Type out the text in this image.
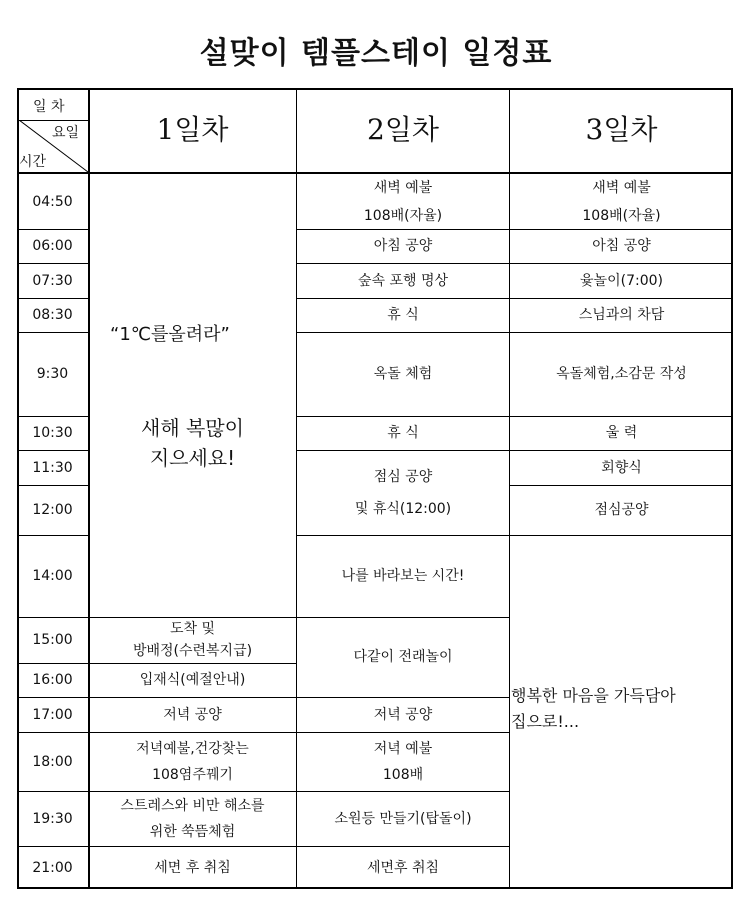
설맞이 템플스테이 일정표
일 차
요일
시간
1일차	2일차	3일차
04:50
06:00
07:30
08:30
9:30
10:30
11:30
12:00
14:00
15:00
16:00
17:00
18:00
19:30
21:00
“1℃를올려라”
새해 복많이
지으세요!
도착 및
방배정(수련복지급)
입재식(예절안내)
저녁 공양
저녁예불,건강찾는
108염주꿰기
스트레스와 비만 해소를
위한 쑥뜸체험
세면 후 취침
새벽 예불
108배(자율)
아침 공양
숲속 포행 명상
휴 식
옥돌 체험
휴 식
점심 공양
및 휴식(12:00)
나를 바라보는 시간!
다같이 전래놀이
저녁 공양
저녁 예불
108배
소원등 만들기(탑돌이)
세면후 취침
새벽 예불
108배(자율)
아침 공양
윷놀이(7:00)
스님과의 차담
옥돌체험,소감문 작성
울 력
회향식
점심공양
행복한 마음을 가득담아
집으로!...
